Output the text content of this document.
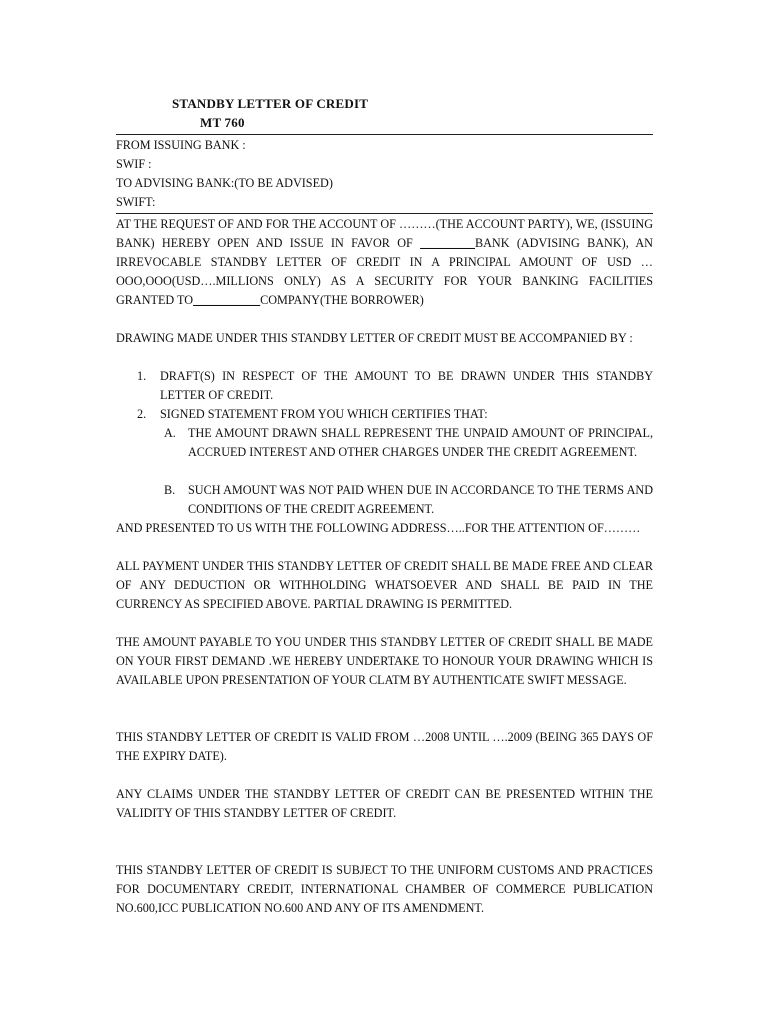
STANDBY LETTER OF CREDIT
MT 760
FROM ISSUING BANK :
SWIF :
TO ADVISING BANK:(TO BE ADVISED)
SWIFT:

AT THE REQUEST OF AND FOR THE ACCOUNT OF ………(THE ACCOUNT PARTY), WE, (ISSUING BANK) HEREBY OPEN AND ISSUE IN FAVOR OF _________BANK (ADVISING BANK), AN IRREVOCABLE STANDBY LETTER OF CREDIT IN A PRINCIPAL AMOUNT OF USD …OOO,OOO(USD….MILLIONS ONLY) AS A SECURITY FOR YOUR BANKING FACILITIES GRANTED TO___________COMPANY(THE BORROWER)

DRAWING MADE UNDER THIS STANDBY LETTER OF CREDIT MUST BE ACCOMPANIED BY :
1. DRAFT(S) IN RESPECT OF THE AMOUNT TO BE DRAWN UNDER THIS STANDBY LETTER OF CREDIT.
2. SIGNED STATEMENT FROM YOU WHICH CERTIFIES THAT:
A. THE AMOUNT DRAWN SHALL REPRESENT THE UNPAID AMOUNT OF PRINCIPAL, ACCRUED INTEREST AND OTHER CHARGES UNDER THE CREDIT AGREEMENT.
B. SUCH AMOUNT WAS NOT PAID WHEN DUE IN ACCORDANCE TO THE TERMS AND CONDITIONS OF THE CREDIT AGREEMENT.
AND PRESENTED TO US WITH THE FOLLOWING ADDRESS…..FOR THE ATTENTION OF………
ALL PAYMENT UNDER THIS STANDBY LETTER OF CREDIT SHALL BE MADE FREE AND CLEAR OF ANY DEDUCTION OR WITHHOLDING WHATSOEVER AND SHALL BE PAID IN THE CURRENCY AS SPECIFIED ABOVE. PARTIAL DRAWING IS PERMITTED.
THE AMOUNT PAYABLE TO YOU UNDER THIS STANDBY LETTER OF CREDIT SHALL BE MADE ON YOUR FIRST DEMAND .WE HEREBY UNDERTAKE TO HONOUR YOUR DRAWING WHICH IS AVAILABLE UPON PRESENTATION OF YOUR CLATM BY AUTHENTICATE SWIFT MESSAGE.
THIS STANDBY LETTER OF CREDIT IS VALID FROM …2008 UNTIL ….2009 (BEING 365 DAYS OF THE EXPIRY DATE).
ANY CLAIMS UNDER THE STANDBY LETTER OF CREDIT CAN BE PRESENTED WITHIN THE VALIDITY OF THIS STANDBY LETTER OF CREDIT.
THIS STANDBY LETTER OF CREDIT IS SUBJECT TO THE UNIFORM CUSTOMS AND PRACTICES FOR DOCUMENTARY CREDIT, INTERNATIONAL CHAMBER OF COMMERCE PUBLICATION NO.600,ICC PUBLICATION NO.600 AND ANY OF ITS AMENDMENT.
